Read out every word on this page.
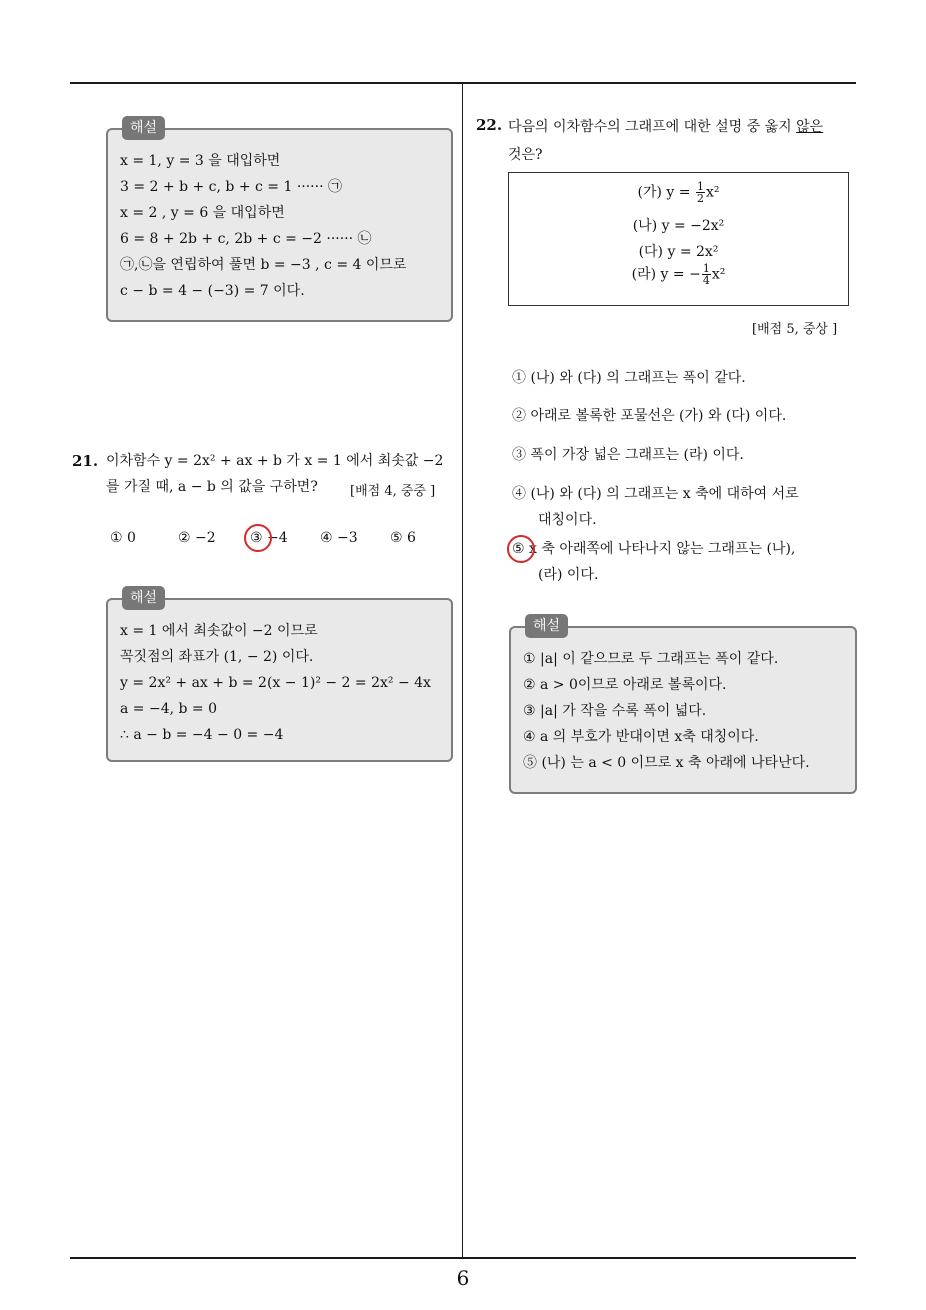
해설
x = 1, y = 3 을 대입하면
3 = 2 + b + c, b + c = 1 ······ ㉠
x = 2 , y = 6 을 대입하면
6 = 8 + 2b + c, 2b + c = −2 ······ ㉡
㉠,㉡을 연립하여 풀면 b = −3 , c = 4 이므로
c − b = 4 − (−3) = 7 이다.
21. 이차함수 y = 2x² + ax + b 가 x = 1 에서 최솟값 −2
를 가질 때, a − b 의 값을 구하면? [배점 4, 중중 ]
① 0	② −2 ③ −4 ④ −3 ⑤ 6
해설
x = 1 에서 최솟값이 −2 이므로
꼭짓점의 좌표가 (1, − 2) 이다.
y = 2x² + ax + b = 2(x − 1)² − 2 = 2x² − 4x
a = −4, b = 0
∴ a − b = −4 − 0 = −4
22. 다음의 이차함수의 그래프에 대한 설명 중 옳지 않은
것은?
(가) $y = \frac{1}{2} x^2$
(나) y = −2x²
(다) y = 2x²
(라) y = − $\frac{1}{4} x^2$
[배점 5, 중상 ]
① (나) 와 (다) 의 그래프는 폭이 같다.
② 아래로 볼록한 포물선은 (가) 와 (다) 이다.
③ 폭이 가장 넓은 그래프는 (라) 이다.
④ (나) 와 (다) 의 그래프는 x 축에 대하여 서로
대칭이다.
⑤ x 축 아래쪽에 나타나지 않는 그래프는 (나),
(라) 이다.
해설
① |a| 이 같으므로 두 그래프는 폭이 같다.
② a > 0이므로 아래로 볼록이다.
③ |a| 가 작을 수록 폭이 넓다.
④ a 의 부호가 반대이면 x축 대칭이다.
⑤ (나) 는 a < 0 이므로 x 축 아래에 나타난다.
6
